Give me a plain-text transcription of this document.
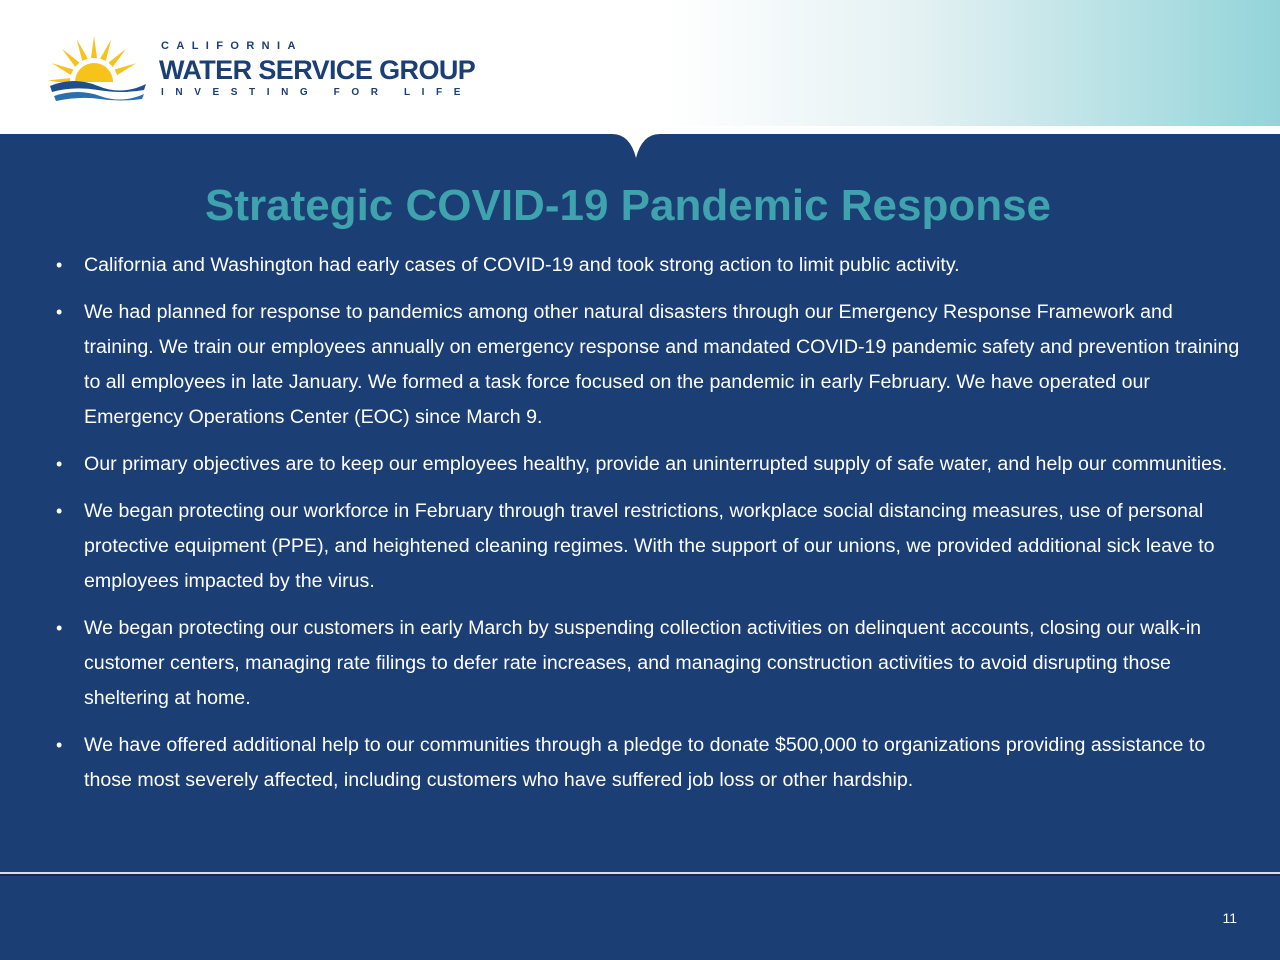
CALIFORNIA
WATER SERVICE GROUP
INVESTING FOR LIFE
Strategic COVID-19 Pandemic Response
• California and Washington had early cases of COVID-19 and took strong action to limit public activity.
• We had planned for response to pandemics among other natural disasters through our Emergency Response Framework and training. We train our employees annually on emergency response and mandated COVID-19 pandemic safety and prevention training to all employees in late January. We formed a task force focused on the pandemic in early February. We have operated our Emergency Operations Center (EOC) since March 9.
• Our primary objectives are to keep our employees healthy, provide an uninterrupted supply of safe water, and help our communities.
• We began protecting our workforce in February through travel restrictions, workplace social distancing measures, use of personal protective equipment (PPE), and heightened cleaning regimes. With the support of our unions, we provided additional sick leave to employees impacted by the virus.
• We began protecting our customers in early March by suspending collection activities on delinquent accounts, closing our walk-in customer centers, managing rate filings to defer rate increases, and managing construction activities to avoid disrupting those sheltering at home.
• We have offered additional help to our communities through a pledge to donate $500,000 to organizations providing assistance to those most severely affected, including customers who have suffered job loss or other hardship.
11
